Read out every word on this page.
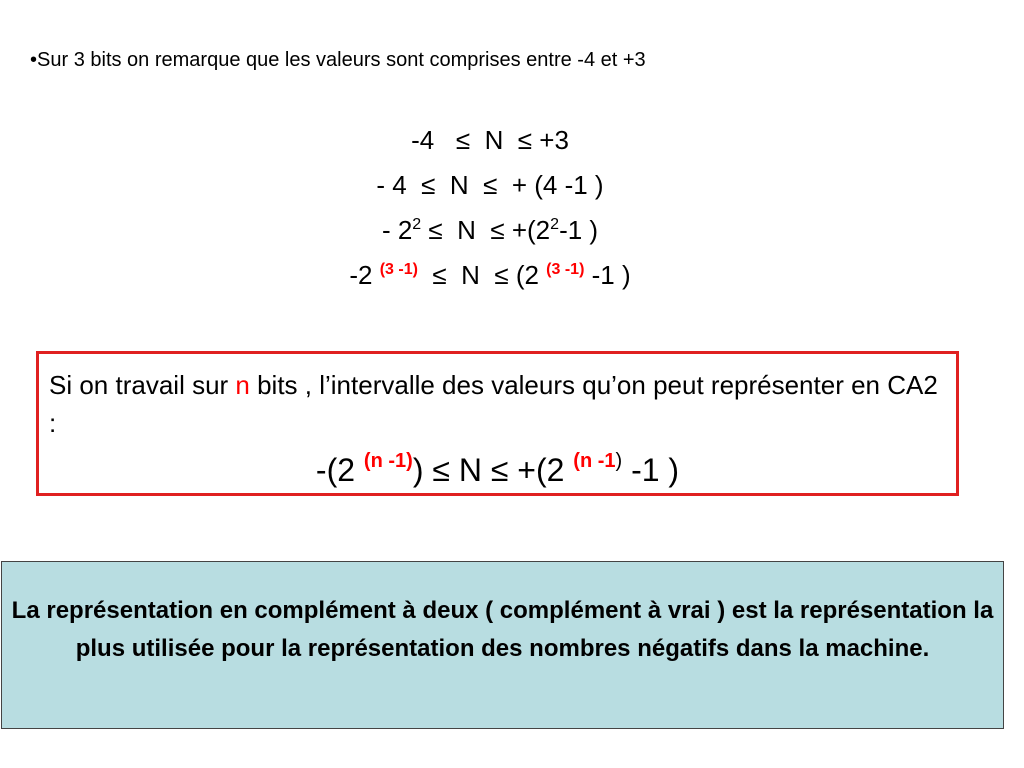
•Sur 3 bits on remarque que les valeurs sont comprises entre -4 et +3
-4   ≤  N  ≤ +3
- 4  ≤  N  ≤  + (4 -1 )
- $2^2 \le N \le +(2^2-1$ )
-2 $^{(3 -1)}$  ≤  N  ≤ (2 $^{(3 -1)}$ -1 )
Si on travail sur n bits , l’intervalle des valeurs qu’on peut représenter en CA2 :
-(2 $^{(n -1)}$) ≤ N ≤ +(2 $^{(n -1)}$ -1 )
La représentation en complément à deux ( complément à vrai ) est la représentation la plus utilisée pour la représentation des nombres négatifs dans la machine.
